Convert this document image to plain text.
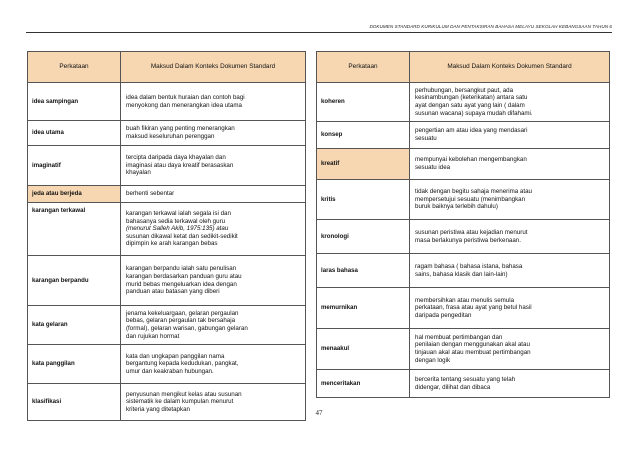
DOKUMEN STANDARD KURIKULUM DAN PENTAKSIRAN BAHASA MELAYU SEKOLAH KEBANGSAAN TAHUN 6
Perkataan	Maksud Dalam Konteks Dokumen Standard
idea sampingan	idea dalam bentuk huraian dan contoh bagi
menyokong dan menerangkan idea utama

idea utama	buah fikiran yang penting menerangkan
maksud keseluruhan perenggan

imaginatif	tercipta daripada daya khayalan dan
imaginasi atau daya kreatif berasaskan
khayalan

jeda atau berjeda	berhenti sebentar

karangan terkawal	karangan terkawal ialah segala isi dan
bahasanya sedia terkawal oleh guru
(menurut Salleh Akib, 1975:135) atau
susunan dikawal ketat dan sedikit-sedikit
dipimpin ke arah karangan bebas

karangan berpandu	karangan berpandu ialah satu penulisan
karangan berdasarkan panduan guru atau
murid bebas mengeluarkan idea dengan
panduan atau batasan yang diberi

kata gelaran	jenama kekeluargaan, gelaran pergaulan
bebas, gelaran pergaulan tak bersahaja
(formal), gelaran warisan, gabungan gelaran
dan rujukan hormat

kata panggilan	kata dan ungkapan panggilan nama
bergantung kepada kedudukan, pangkat,
umur dan keakraban hubungan.

klasifikasi	penyusunan mengikut kelas atau susunan
sistematik ke dalam kumpulan menurut
kriteria yang ditetapkan
Perkataan	Maksud Dalam Konteks Dokumen Standard
koheren	perhubungan, bersangkut paut, ada
kesinambungan (keterikatan) antara satu
ayat dengan satu ayat yang lain ( dalam
susunan wacana) supaya mudah difahami.

konsep	pengertian am atau idea yang mendasari
sesuatu

kreatif	mempunyai kebolehan mengembangkan
sesuatu idea

kritis	tidak dengan begitu sahaja menerima atau
mempersetujui sesuatu (menimbangkan
buruk baiknya terlebih dahulu)

kronologi	susunan peristiwa atau kejadian menurut
masa berlakunya peristiwa berkenaan.

laras bahasa	ragam bahasa ( bahasa istana, bahasa
sains, bahasa klasik dan lain-lain)

memurnikan	membersihkan atau menulis semula
perkataan, frasa atau ayat yang betul hasil
daripada pengeditan

menaakul	hal membuat pertimbangan dan
penilaian dengan menggunakan akal atau
tinjauan akal atau membuat pertimbangan
dengan logik

menceritakan	bercerita tentang sesuatu yang telah
didengar, dilihat dan dibaca
47
